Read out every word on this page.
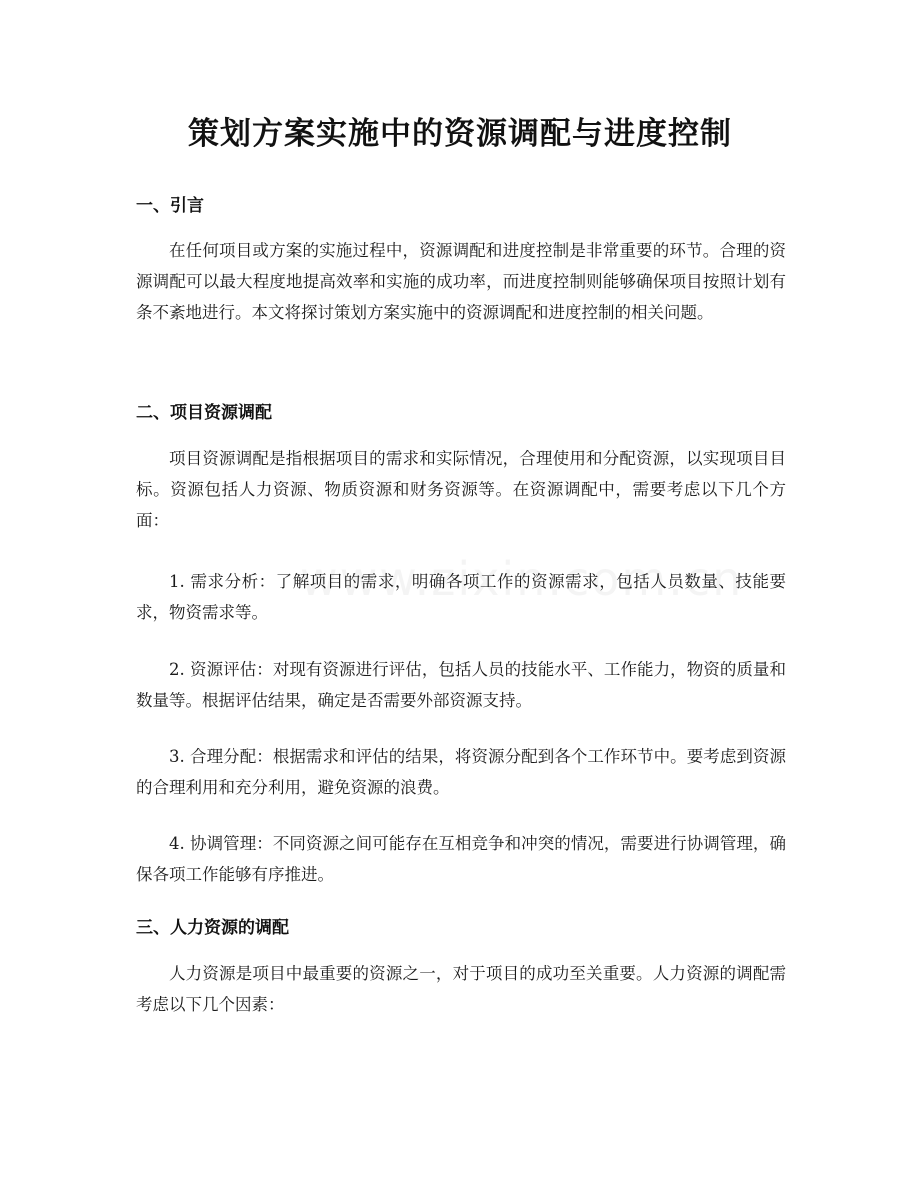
策划方案实施中的资源调配与进度控制
一、引言
在任何项目或方案的实施过程中，资源调配和进度控制是非常重要的环节。合理的资源调配可以最大程度地提高效率和实施的成功率，而进度控制则能够确保项目按照计划有条不紊地进行。本文将探讨策划方案实施中的资源调配和进度控制的相关问题。
二、项目资源调配
项目资源调配是指根据项目的需求和实际情况，合理使用和分配资源，以实现项目目标。资源包括人力资源、物质资源和财务资源等。在资源调配中，需要考虑以下几个方面：
1. 需求分析：了解项目的需求，明确各项工作的资源需求，包括人员数量、技能要求，物资需求等。
2. 资源评估：对现有资源进行评估，包括人员的技能水平、工作能力，物资的质量和数量等。根据评估结果，确定是否需要外部资源支持。
3. 合理分配：根据需求和评估的结果，将资源分配到各个工作环节中。要考虑到资源的合理利用和充分利用，避免资源的浪费。
4. 协调管理：不同资源之间可能存在互相竞争和冲突的情况，需要进行协调管理，确保各项工作能够有序推进。
三、人力资源的调配
人力资源是项目中最重要的资源之一，对于项目的成功至关重要。人力资源的调配需考虑以下几个因素：
